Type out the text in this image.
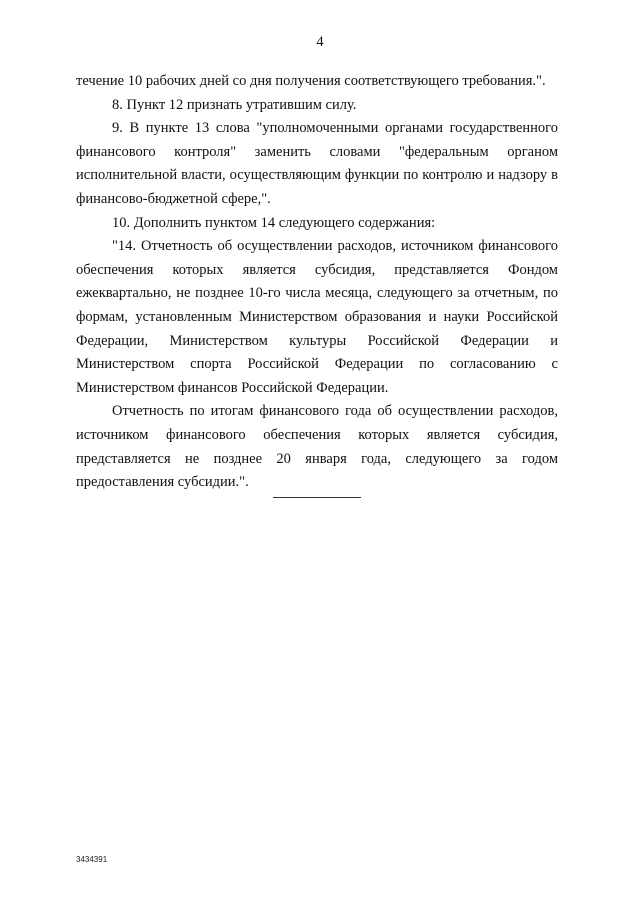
4

течение 10 рабочих дней со дня получения соответствующего требования.".

8. Пункт 12 признать утратившим силу.

9. В пункте 13 слова "уполномоченными органами государственного финансового контроля" заменить словами "федеральным органом исполнительной власти, осуществляющим функции по контролю и надзору в финансово-бюджетной сфере,".

10. Дополнить пунктом 14 следующего содержания:

"14. Отчетность об осуществлении расходов, источником финансового обеспечения которых является субсидия, представляется Фондом ежеквартально, не позднее 10-го числа месяца, следующего за отчетным, по формам, установленным Министерством образования и науки Российской Федерации, Министерством культуры Российской Федерации и Министерством спорта Российской Федерации по согласованию с Министерством финансов Российской Федерации.

Отчетность по итогам финансового года об осуществлении расходов, источником финансового обеспечения которых является субсидия, представляется не позднее 20 января года, следующего за годом предоставления субсидии.".

3434391
